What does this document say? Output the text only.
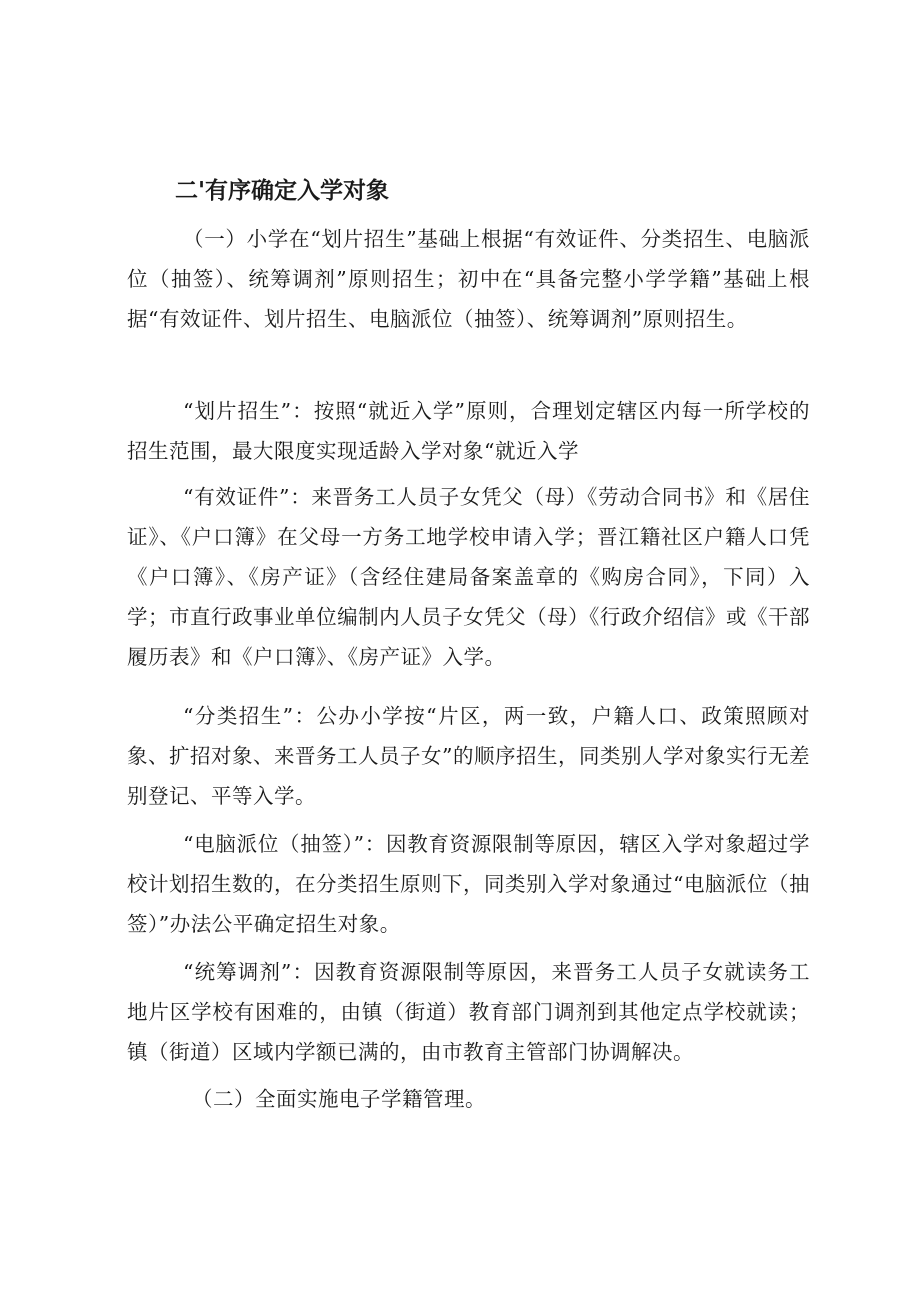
二'有序确定入学对象

（一）小学在“划片招生”基础上根据“有效证件、分类招生、电脑派位（抽签）、统筹调剂”原则招生；初中在“具备完整小学学籍”基础上根据“有效证件、划片招生、电脑派位（抽签）、统筹调剂”原则招生。

“划片招生”：按照“就近入学”原则，合理划定辖区内每一所学校的招生范围，最大限度实现适龄入学对象“就近入学

“有效证件”：来晋务工人员子女凭父（母）《劳动合同书》和《居住证》、《户口簿》在父母一方务工地学校申请入学；晋江籍社区户籍人口凭《户口簿》、《房产证》（含经住建局备案盖章的《购房合同》，下同）入学；市直行政事业单位编制内人员子女凭父（母）《行政介绍信》或《干部履历表》和《户口簿》、《房产证》入学。

“分类招生”：公办小学按“片区，两一致，户籍人口、政策照顾对象、扩招对象、来晋务工人员子女”的顺序招生，同类别人学对象实行无差别登记、平等入学。

“电脑派位（抽签）”：因教育资源限制等原因，辖区入学对象超过学校计划招生数的，在分类招生原则下，同类别入学对象通过“电脑派位（抽签）”办法公平确定招生对象。

“统筹调剂”：因教育资源限制等原因，来晋务工人员子女就读务工地片区学校有困难的，由镇（街道）教育部门调剂到其他定点学校就读；镇（街道）区域内学额已满的，由市教育主管部门协调解决。

（二）全面实施电子学籍管理。
